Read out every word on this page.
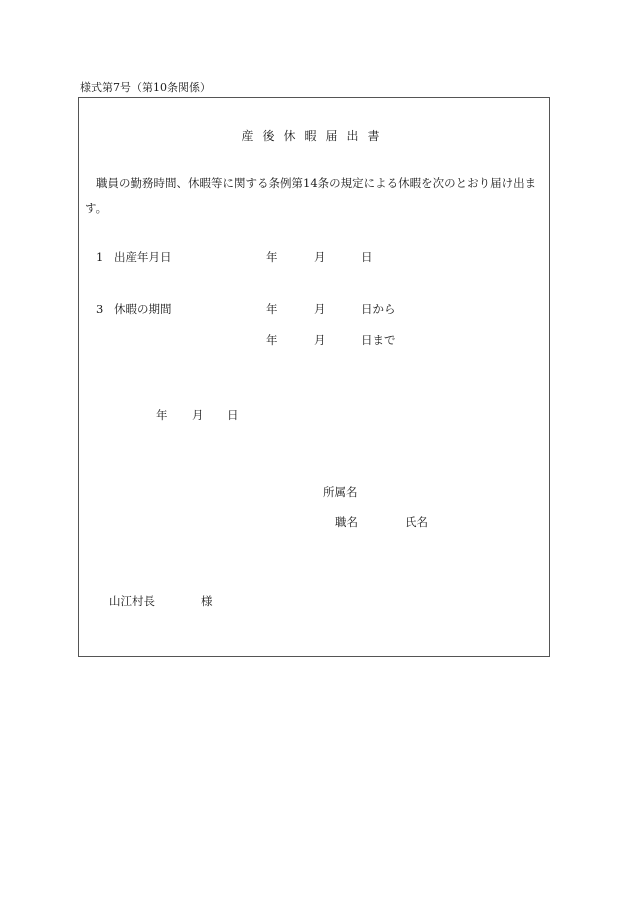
様式第7号（第10条関係）
産後休暇届出書
職員の勤務時間、休暇等に関する条例第14条の規定による休暇を次のとおり届け出ま
す。
1 出産年月日	年	月	日
3 休暇の期間	年	月	日から
年	月	日まで
年 月 日
所属名
職名	氏名
山江村長	様
